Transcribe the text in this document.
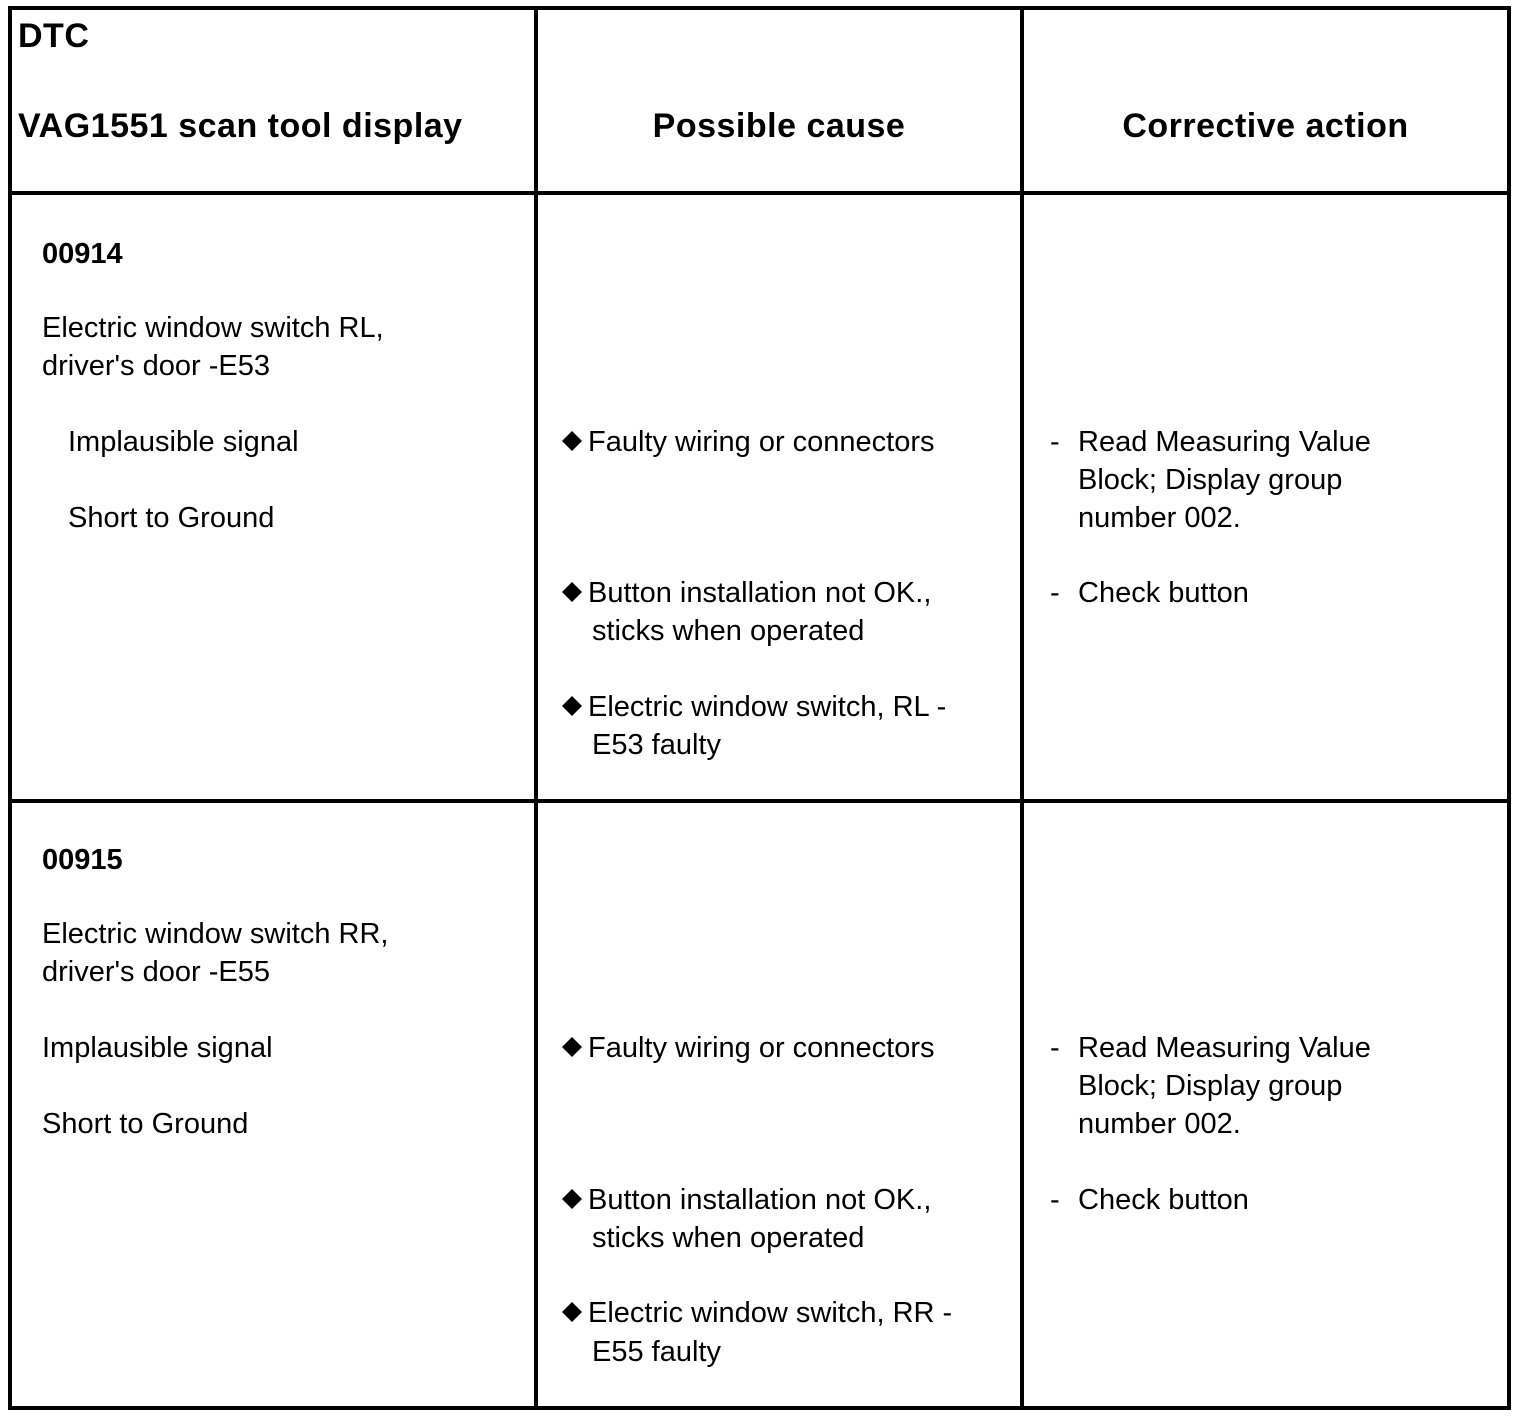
DTC
VAG1551 scan tool display	Possible cause	Corrective action
00914
Electric window switch RL,
driver's door -E53
Implausible signal
Short to Ground
Faulty wiring or connectors
Button installation not OK.,
sticks when operated
Electric window switch, RL -
E53 faulty
- Read Measuring Value
Block; Display group
number 002.
- Check button
00915
Electric window switch RR,
driver's door -E55
Implausible signal
Short to Ground
Faulty wiring or connectors
Button installation not OK.,
sticks when operated
Electric window switch, RR -
E55 faulty
- Read Measuring Value
Block; Display group
number 002.
- Check button
